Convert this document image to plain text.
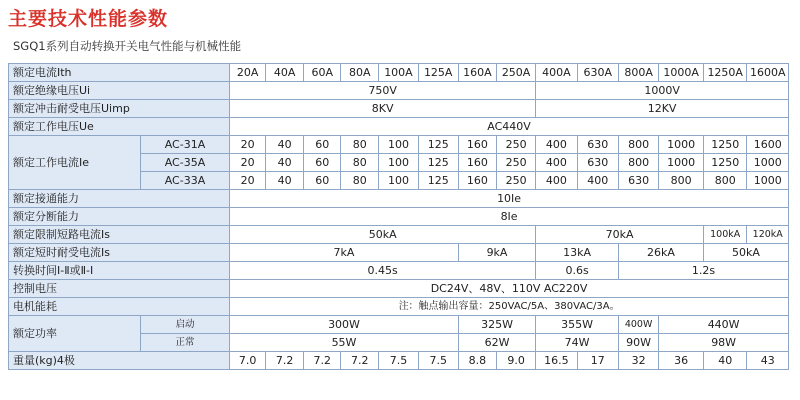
主要技术性能参数
SGQ1系列自动转换开关电气性能与机械性能
额定电流Ith		20A	40A	60A	80A	100A	125A	160A	250A	400A	630A	800A	1000A	1250A	1600A
额定绝缘电压Ui		750V								1000V					
额定冲击耐受电压Uimp		8KV								12KV					
额定工作电压Ue		AC440V													
额定工作电流Ie	AC-31A	20	40	60	80	100	125	160	250	400	630	800	1000	1250	1600
	AC-35A	20	40	60	80	100	125	160	250	400	630	800	1000	1250	1000
	AC-33A	20	40	60	80	100	125	160	250	400	400	630	800	800	1000
额定接通能力		10Ie													
额定分断能力		8Ie													
额定限制短路电流Is		50kA								70kA				100kA	120kA
额定短时耐受电流Is		7kA						9kA		13kA		26kA		50kA	
转换时间Ⅰ-Ⅱ或Ⅱ-Ⅰ		0.45s								0.6s		1.2s			
控制电压		DC24V、48V、110V AC220V													
电机能耗		注：触点输出容量：250VAC/5A、380VAC/3A。													
额定功率	启动	300W						325W		355W		400W	440W		
	正常	55W						62W		74W		90W	98W		
重量(kg)4极		7.0	7.2	7.2	7.2	7.5	7.5	8.8	9.0	16.5	17	32	36	40	43
